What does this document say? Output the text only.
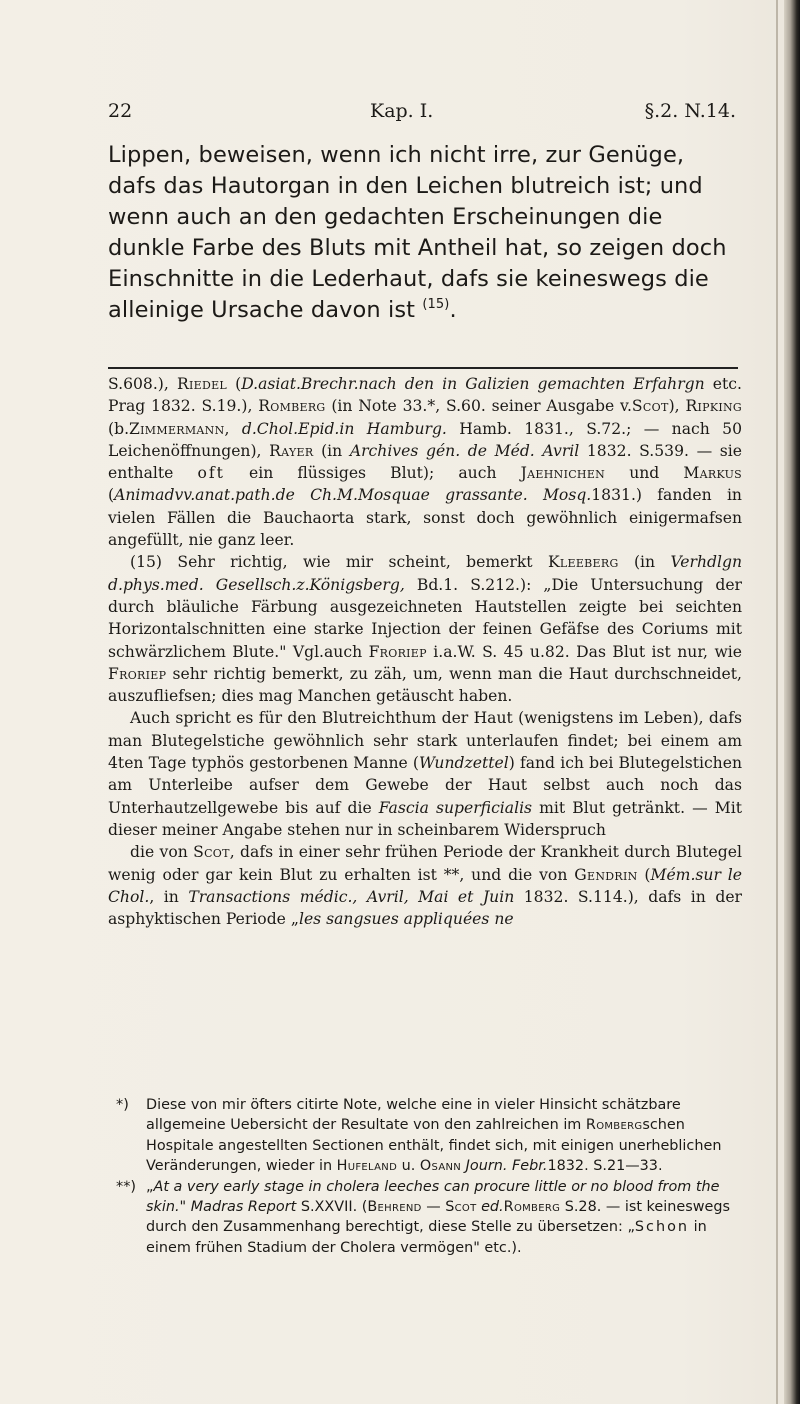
22	Kap. I.	§.2. N.14.

Lippen, beweisen, wenn ich nicht irre, zur Genüge, dafs das Hautorgan in den Leichen blutreich ist; und wenn auch an den gedachten Erscheinungen die dunkle Farbe des Bluts mit Antheil hat, so zeigen doch Einschnitte in die Lederhaut, dafs sie keineswegs die alleinige Ursache davon ist $^{(15)}$.

S.608.), Riedel (D.asiat.Brechr.nach den in Galizien gemachten Erfahrgn etc. Prag 1832. S.19.), Romberg (in Note 33.*, S.60. seiner Ausgabe v.Scot), Ripking (b.Zimmermann, d.Chol.Epid.in Hamburg. Hamb. 1831., S.72.; — nach 50 Leichenöffnungen), Rayer (in Archives gén. de Méd. Avril 1832. S.539. — sie enthalte oft ein flüssiges Blut); auch Jaehnichen und Markus (Animadvv.anat.path.de Ch.M.Mosquae grassante. Mosq.1831.) fanden in vielen Fällen die Bauchaorta stark, sonst doch gewöhnlich einigermafsen angefüllt, nie ganz leer.

(15) Sehr richtig, wie mir scheint, bemerkt Kleeberg (in Verhdlgn d.phys.med. Gesellsch.z.Königsberg, Bd.1. S.212.): „Die Untersuchung der durch bläuliche Färbung ausgezeichneten Hautstellen zeigte bei seichten Horizontalschnitten eine starke Injection der feinen Gefäfse des Coriums mit schwärzlichem Blute." Vgl.auch Froriep i.a.W. S. 45 u.82. Das Blut ist nur, wie Froriep sehr richtig bemerkt, zu zäh, um, wenn man die Haut durchschneidet, auszufliefsen; dies mag Manchen getäuscht haben.

Auch spricht es für den Blutreichthum der Haut (wenigstens im Leben), dafs man Blutegelstiche gewöhnlich sehr stark unterlaufen findet; bei einem am 4ten Tage typhös gestorbenen Manne (Wundzettel) fand ich bei Blutegelstichen am Unterleibe aufser dem Gewebe der Haut selbst auch noch das Unterhautzellgewebe bis auf die Fascia superficialis mit Blut getränkt. — Mit dieser meiner Angabe stehen nur in scheinbarem Widerspruch

die von Scot, dafs in einer sehr frühen Periode der Krankheit durch Blutegel wenig oder gar kein Blut zu erhalten ist **, und die von Gendrin (Mém.sur le Chol., in Transactions médic., Avril, Mai et Juin 1832. S.114.), dafs in der asphyktischen Periode „les sangsues appliquées ne

*) Diese von mir öfters citirte Note, welche eine in vieler Hinsicht schätzbare allgemeine Uebersicht der Resultate von den zahlreichen im Rombergschen Hospitale angestellten Sectionen enthält, findet sich, mit einigen unerheblichen Veränderungen, wieder in Hufeland u. Osann Journ. Febr.1832. S.21—33.

**) „At a very early stage in cholera leeches can procure little or no blood from the skin." Madras Report S.XXVII. (Behrend — Scot ed.Romberg S.28. — ist keineswegs durch den Zusammenhang berechtigt, diese Stelle zu übersetzen: „Schon in einem frühen Stadium der Cholera vermögen" etc.).
